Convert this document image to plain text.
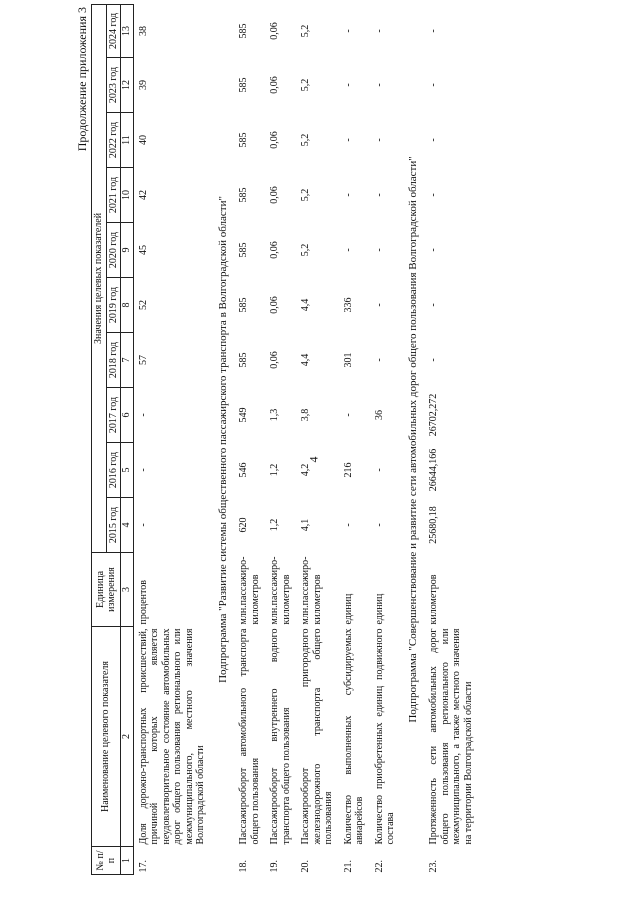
4
Продолжение приложения 3
№ п/п	Наименование целевого показателя	Единица измерения	Значения целевых показателей									
			2015 год	2016 год	2017 год	2018 год	2019 год	2020 год	2021 год	2022 год	2023 год	2024 год
1	2	3	4	5	6	7	8	9	10	11	12	13
17.	Доля дорожно-транспортных происшествий, причиной которых является неудовлетворительное состояние автомобильных дорог общего пользования регионального или межмуниципального, местного значения Волгоградской области	процентов	-	-	-	57	52	45	42	40	39	38
Подпрограмма "Развитие системы общественного пассажирского транспорта в Волгоградской области"												
18.	Пассажирооборот автомобильного транспорта общего пользования	млн.пассажиро-километров	620	546	549	585	585	585	585	585	585	585
19.	Пассажирооборот внутреннего водного транспорта общего пользования	млн.пассажиро-километров	1,2	1,2	1,3	0,06	0,06	0,06	0,06	0,06	0,06	0,06
20.	Пассажирооборот пригородного железнодорожного транспорта общего пользования	млн.пассажиро-километров	4,1	4,2	3,8	4,4	4,4	5,2	5,2	5,2	5,2	5,2
21.	Количество выполненных субсидируемых авиарейсов	единиц	-	216	-	301	336	-	-	-	-	-
22.	Количество приобретенных единиц подвижного состава	единиц	-	-	36	-	-	-	-	-	-	-
Подпрограмма "Совершенствование и развитие сети автомобильных дорог общего пользования Волгоградской области"												
23.	Протяженность сети автомобильных дорог общего пользования регионального или межмуниципального, а также местного значения на территории Волгоградской области	километров	25680,18	26644,166	26702,272	-	-	-	-	-	-	-
